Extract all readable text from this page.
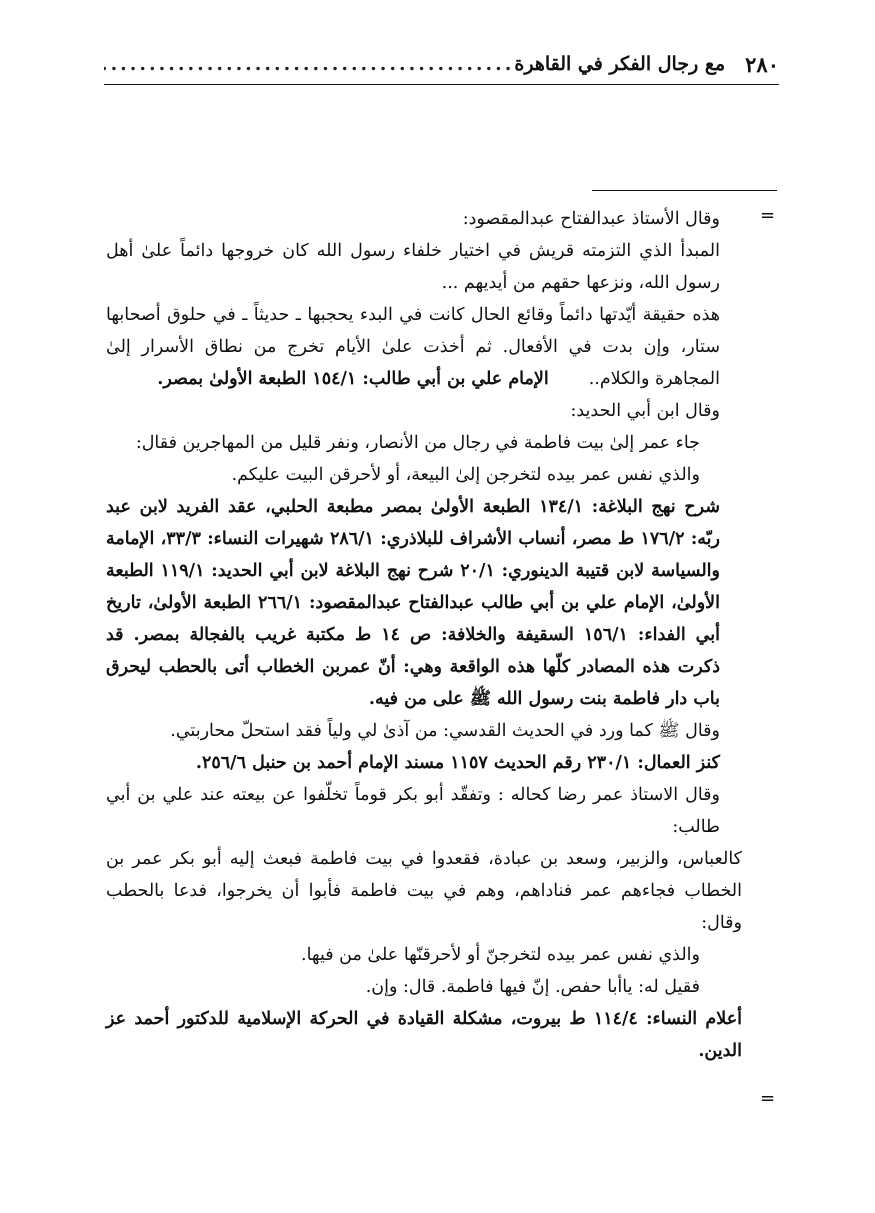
٢٨٠
مع رجال الفكر في القاهرة
.....
=

وقال الأستاذ عبدالفتاح عبدالمقصود:

المبدأ الذي التزمته قريش في اختيار خلفاء رسول الله كان خروجها دائماً علىٰ أهل رسول الله، ونزعها حقهم من أيديهم ...

هذه حقيقة أيّدتها دائماً وقائع الحال كانت في البدء يحجبها ـ حديثاً ـ في حلوق أصحابها ستار، وإن بدت في الأفعال. ثم أخذت علىٰ الأيام تخرج من نطاق الأسرار إلىٰ المجاهرة والكلام..الإمام علي بن أبي طالب: ١٥٤/١ الطبعة الأولىٰ بمصر.

وقال ابن أبي الحديد:

جاء عمر إلىٰ بيت فاطمة في رجال من الأنصار، ونفر قليل من المهاجرين فقال:

والذي نفس عمر بيده لتخرجن إلىٰ البيعة، أو لأحرقن البيت عليكم.

شرح نهج البلاغة: ١٣٤/١ الطبعة الأولىٰ بمصر مطبعة الحلبي، عقد الفريد لابن عبد ربّه: ١٧٦/٢ ط مصر، أنساب الأشراف للبلاذري: ٢٨٦/١ شهيرات النساء: ٣٣/٣، الإمامة والسياسة لابن قتيبة الدينوري: ٢٠/١ شرح نهج البلاغة لابن أبي الحديد: ١١٩/١ الطبعة الأولىٰ، الإمام علي بن أبي طالب عبدالفتاح عبدالمقصود: ٢٦٦/١ الطبعة الأولىٰ، تاريخ أبي الفداء: ١٥٦/١ السقيفة والخلافة: ص ١٤ ط مكتبة غريب بالفجالة بمصر. قد ذكرت هذه المصادر كلّها هذه الواقعة وهي: أنّ عمربن الخطاب أتى بالحطب ليحرق باب دار فاطمة بنت رسول الله ﷺ على من فيه.

وقال ﷺ كما ورد في الحديث القدسي: من آذىٰ لي ولياً فقد استحلّ محاربتي.

كنز العمال: ٢٣٠/١ رقم الحديث ١١٥٧ مسند الإمام أحمد بن حنبل ٢٥٦/٦.

وقال الاستاذ عمر رضا كحاله : وتفقّد أبو بكر قوماً تخلّفوا عن بيعته عند علي بن أبي طالب:

كالعباس، والزبير، وسعد بن عبادة، فقعدوا في بيت فاطمة فبعث إليه أبو بكر عمر بن الخطاب فجاءهم عمر فناداهم، وهم في بيت فاطمة فأبوا أن يخرجوا، فدعا بالحطب وقال:

والذي نفس عمر بيده لتخرجنّ أو لأحرقنّها علىٰ من فيها.

فقيل له: ياأبا حفص. إنّ فيها فاطمة. قال: وإن.

أعلام النساء: ١١٤/٤ ط بيروت، مشكلة القيادة في الحركة الإسلامية للدكتور أحمد عز الدين.

=
